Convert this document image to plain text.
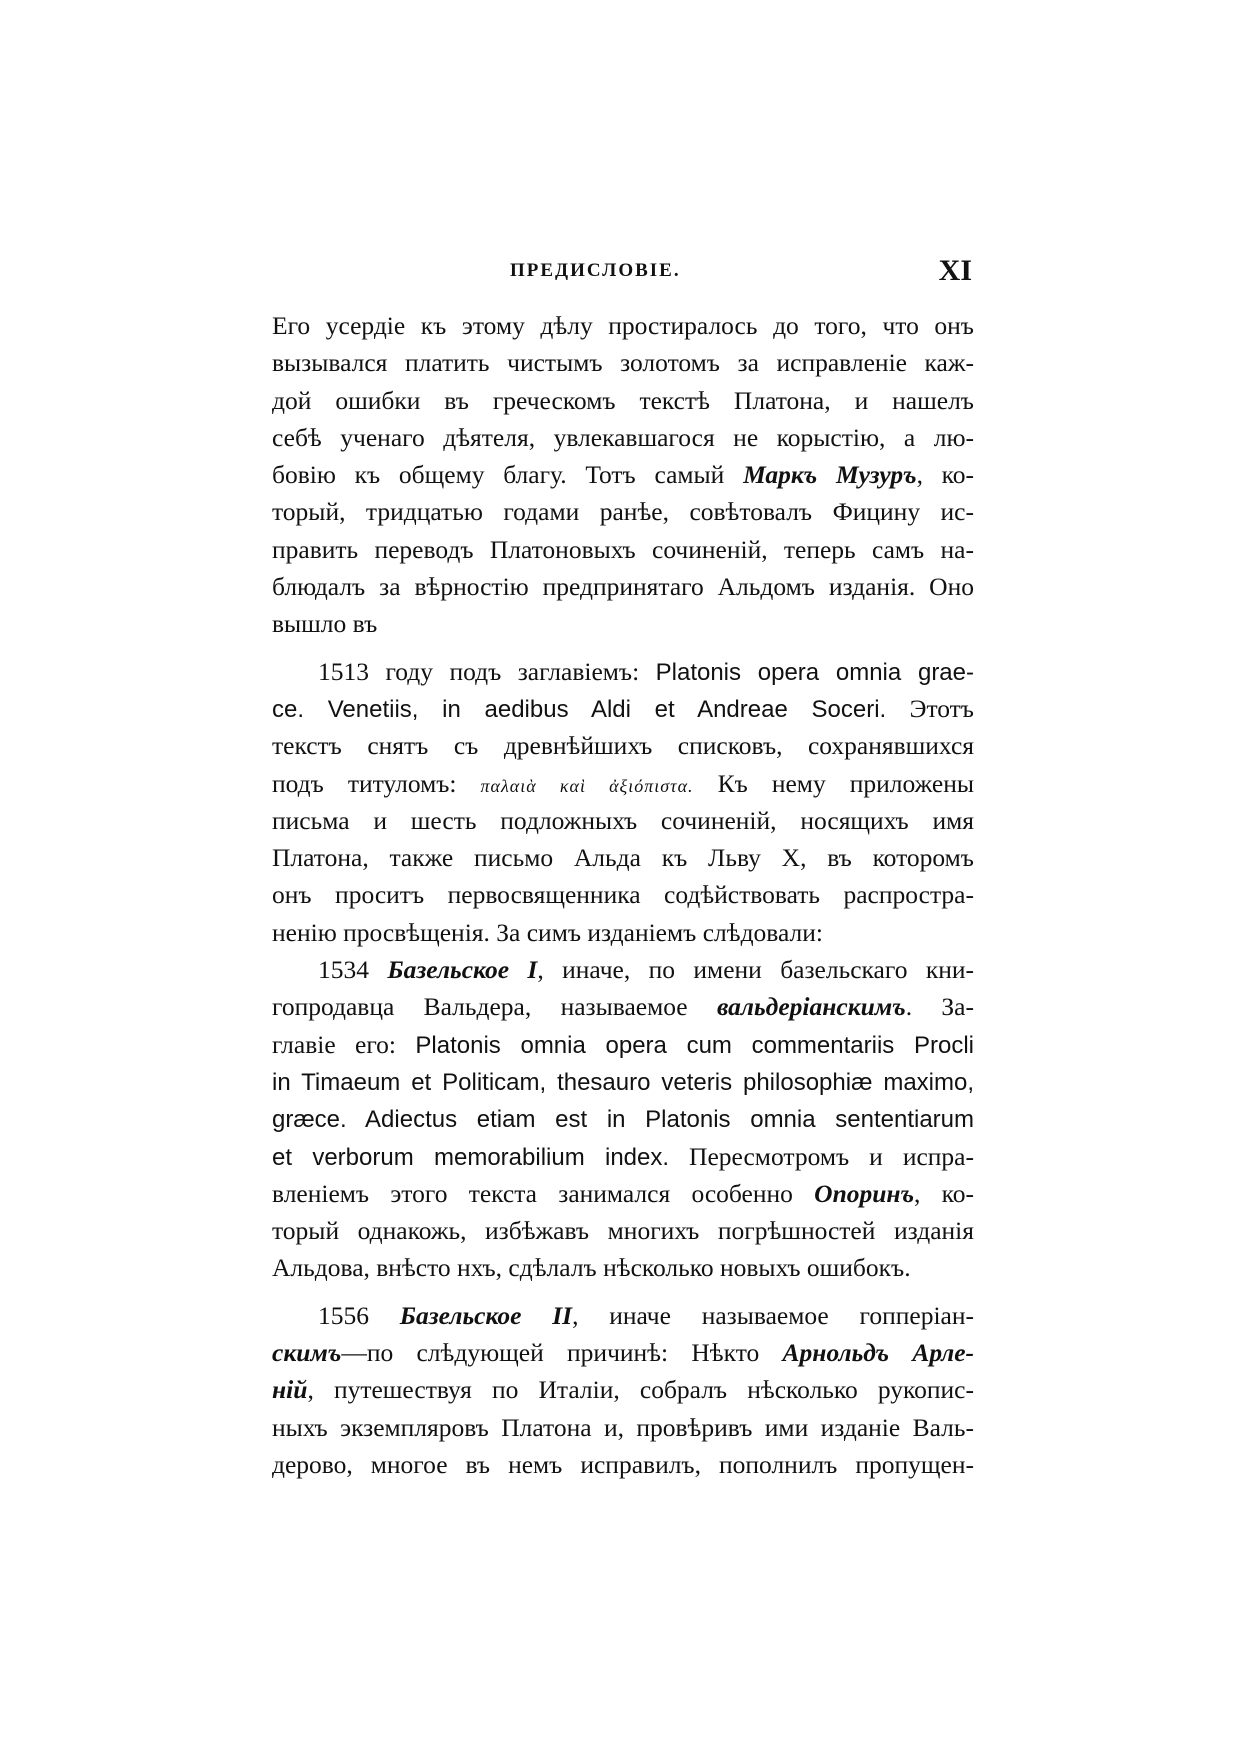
ПРЕДИСЛОВІЕ.	XI
Его усердіе къ этому дѣлу простиралось до того, что онъ
вызывался платить чистымъ золотомъ за исправленіе каж-
дой ошибки въ греческомъ текстѣ Платона, и нашелъ
себѣ ученаго дѣятеля, увлекавшагося не корыстію, а лю-
бовію къ общему благу. Тотъ самый Маркъ Музуръ, ко-
торый, тридцатью годами ранѣе, совѣтовалъ Фицину ис-
править переводъ Платоновыхъ сочиненій, теперь самъ на-
блюдалъ за вѣрностію предпринятаго Альдомъ изданія. Оно
вышло въ
1513 году подъ заглавіемъ: Platonis opera omnia grae-
ce. Venetiis, in aedibus Aldi et Andreae Soceri. Этотъ
текстъ снятъ съ древнѣйшихъ списковъ, сохранявшихся
подъ титуломъ: παλαιὰ καὶ ἀξιόπιστα. Къ нему приложены
письма и шесть подложныхъ сочиненій, носящихъ имя
Платона, также письмо Альда къ Льву X, въ которомъ
онъ проситъ первосвященника содѣйствовать распростра-
ненію просвѣщенія. За симъ изданіемъ слѣдовали:
1534 Базельское I, иначе, по имени базельскаго кни-
гопродавца Вальдера, называемое вальдеріанскимъ. За-
главіе его: Platonis omnia opera cum commentariis Procli
in Timaeum et Politicam, thesauro veteris philosophiæ maximo,
græce. Adiectus etiam est in Platonis omnia sententiarum
et verborum memorabilium index. Пересмотромъ и испра-
вленіемъ этого текста занимался особенно Опоринъ, ко-
торый однакожь, избѣжавъ многихъ погрѣшностей изданія
Альдова, внѣсто нхъ, сдѣлалъ нѣсколько новыхъ ошибокъ.
1556 Базельское II, иначе называемое гопперіан-
скимъ—по слѣдующей причинѣ: Нѣкто Арнольдъ Арле-
ній, путешествуя по Италіи, собралъ нѣсколько рукопис-
ныхъ экземпляровъ Платона и, провѣривъ ими изданіе Валь-
дерово, многое въ немъ исправилъ, пополнилъ пропущен-
